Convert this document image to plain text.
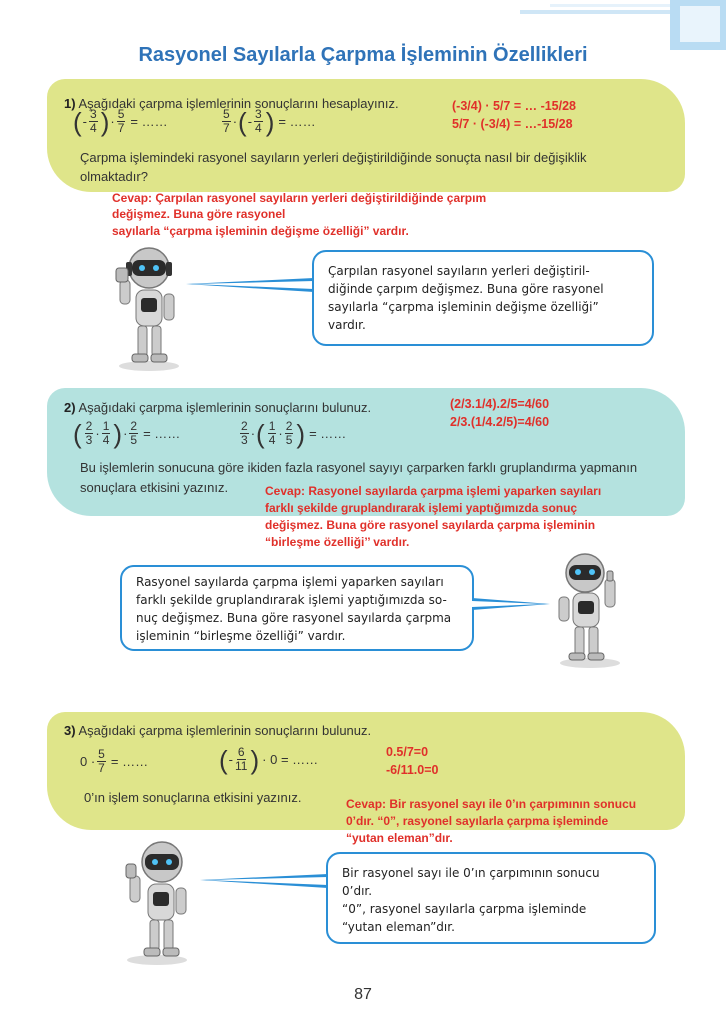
Rasyonel Sayılarla Çarpma İşleminin Özellikleri
1) Aşağıdaki çarpma işlemlerinin sonuçlarını hesaplayınız.
( - $\frac{3}{4}$ ) · $\frac{5}{7}$ = ……	$\frac{5}{7}$ · ( - $\frac{3}{4}$ ) = ……
(-3/4) · 5/7 = … -15/28
5/7 · (-3/4) = …-15/28
Çarpma işlemindeki rasyonel sayıların yerleri değiştirildiğinde sonuçta nasıl bir değişiklik olmaktadır?
Cevap: Çarpılan rasyonel sayıların yerleri değiştirildiğinde çarpım
değişmez. Buna göre rasyonel
sayılarla “çarpma işleminin değişme özelliği” vardır.
Çarpılan rasyonel sayıların yerleri değiştiril-
diğinde çarpım değişmez. Buna göre rasyonel
sayılarla “çarpma işleminin değişme özelliği”
vardır.
2) Aşağıdaki çarpma işlemlerinin sonuçlarını bulunuz.
( $\frac{2}{3} \cdot \frac{1}{4}$ ) · $\frac{2}{5}$ = ……	$\frac{2}{3}$ · ( $\frac{1}{4} \cdot \frac{2}{5}$ ) = ……
(2/3.1/4).2/5=4/60
2/3.(1/4.2/5)=4/60
Bu işlemlerin sonucuna göre ikiden fazla rasyonel sayıyı çarparken farklı gruplandırma yapmanın
sonuçlara etkisini yazınız.	Cevap: Rasyonel sayılarda çarpma işlemi yaparken sayıları
farklı şekilde gruplandırarak işlemi yaptığımızda sonuç
değişmez. Buna göre rasyonel sayılarda çarpma işleminin
“birleşme özelliği’’ vardır.
Rasyonel sayılarda çarpma işlemi yaparken sayıları
farklı şekilde gruplandırarak işlemi yaptığımızda so-
nuç değişmez. Buna göre rasyonel sayılarda çarpma
işleminin “birleşme özelliği” vardır.
3) Aşağıdaki çarpma işlemlerinin sonuçlarını bulunuz.
$0 \cdot \frac{5}{7}$ = ……	( - $\frac{6}{11}$ ) · 0 = ……	0.5/7=0
-6/11.0=0
0’ın işlem sonuçlarına etkisini yazınız.	Cevap: Bir rasyonel sayı ile 0’ın çarpımının sonucu
0’dır. “0”, rasyonel sayılarla çarpma işleminde
“yutan eleman”dır.
Bir rasyonel sayı ile 0’ın çarpımının sonucu
0’dır.
“0”, rasyonel sayılarla çarpma işleminde
“yutan eleman”dır.
87
